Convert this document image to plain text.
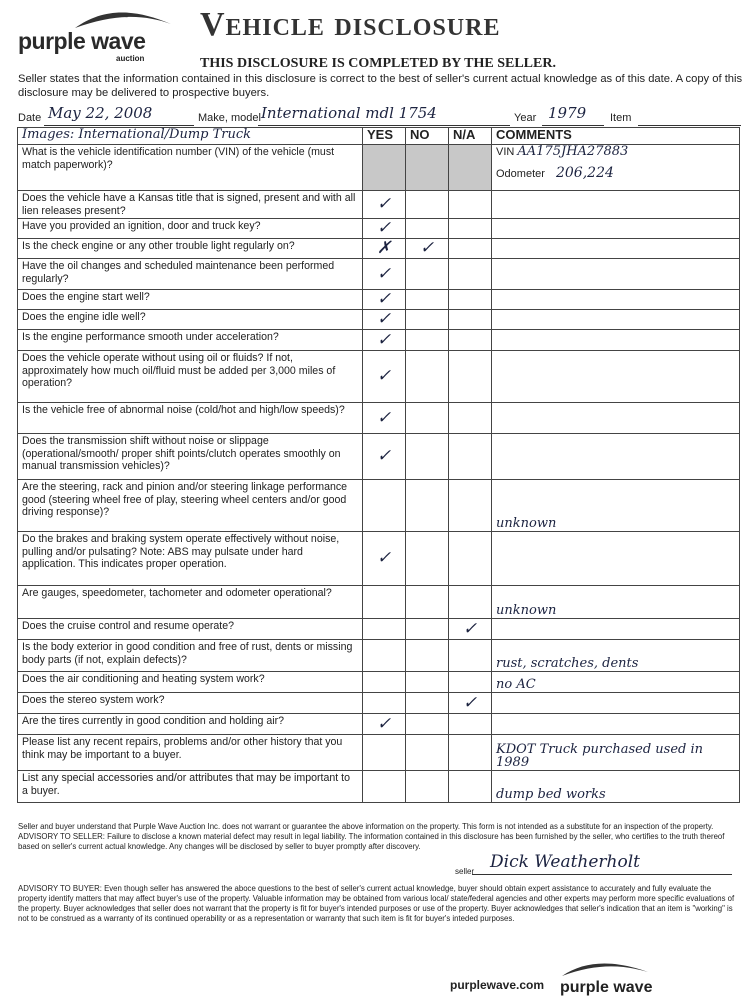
purple wave
auction
Vehicle disclosure
THIS DISCLOSURE IS COMPLETED BY THE SELLER.
Seller states that the information contained in this disclosure is correct to the best of seller's current actual knowledge as of this date. A copy of this disclosure may be delivered to prospective buyers.
Date May 22, 2008	Make, model International mdl 1754	Year 1979 Item
Images: International/Dump Truck	YES	NO	N/A	COMMENTS
What is the vehicle identification number (VIN) of the vehicle (must match paperwork)?				VIN AA175JHA27883
Odometer 206,224

Does the vehicle have a Kansas title that is signed, present and with all lien releases present?	✓			
Have you provided an ignition, door and truck key?	✓			
Is the check engine or any other trouble light regularly on?	✗	✓		
Have the oil changes and scheduled maintenance been performed regularly?	✓			
Does the engine start well?	✓			
Does the engine idle well?	✓			
Is the engine performance smooth under acceleration?	✓			
Does the vehicle operate without using oil or fluids? If not, approximately how much oil/fluid must be added per 3,000 miles of operation?	✓			
Is the vehicle free of abnormal noise (cold/hot and high/low speeds)?	✓			
Does the transmission shift without noise or slippage (operational/smooth/ proper shift points/clutch operates smoothly on manual transmission vehicles)?	✓			
Are the steering, rack and pinion and/or steering linkage performance good (steering wheel free of play, steering wheel centers and/or good driving response)?				unknown
Do the brakes and braking system operate effectively without noise, pulling and/or pulsating? Note: ABS may pulsate under hard application. This indicates proper operation.	✓			
Are gauges, speedometer, tachometer and odometer operational?				unknown
Does the cruise control and resume operate?			✓	
Is the body exterior in good condition and free of rust, dents or missing body parts (if not, explain defects)?				rust, scratches, dents
Does the air conditioning and heating system work?				no AC
Does the stereo system work?			✓	
Are the tires currently in good condition and holding air?	✓			
Please list any recent repairs, problems and/or other history that you think may be important to a buyer.				KDOT Truck purchased used in 1989
List any special accessories and/or attributes that may be important to a buyer.				dump bed works
Seller and buyer understand that Purple Wave Auction Inc. does not warrant or guarantee the above information on the property. This form is not intended as a substitute for an inspection of the property. ADVISORY TO SELLER: Failure to disclose a known material defect may result in legal liability. The information contained in this disclosure has been furnished by the seller, who certifies to the truth thereof based on seller's current actual knowledge. Any changes will be disclosed by seller to buyer promptly after discovery.
seller Dick Weatherholt
ADVISORY TO BUYER: Even though seller has answered the aboce questions to the best of seller's current actual knowledge, buyer should obtain expert assistance to accurately and fully evaluate the property identify matters that may affect buyer's use of the property. Valuable information may be obtained from various local/ state/federal agencies and other experts may perform more specific evaluations of the property. Buyer acknowledges that seller does not warrant that the property is fit for buyer's intended purposes or use of the property. Buyer acknowledges that seller's indication that an item is "working" is not to be construed as a warranty of its continued operability or as a representation or warranty that such item is fit for buyer's inteded purposes.
purplewave.com purple wave
